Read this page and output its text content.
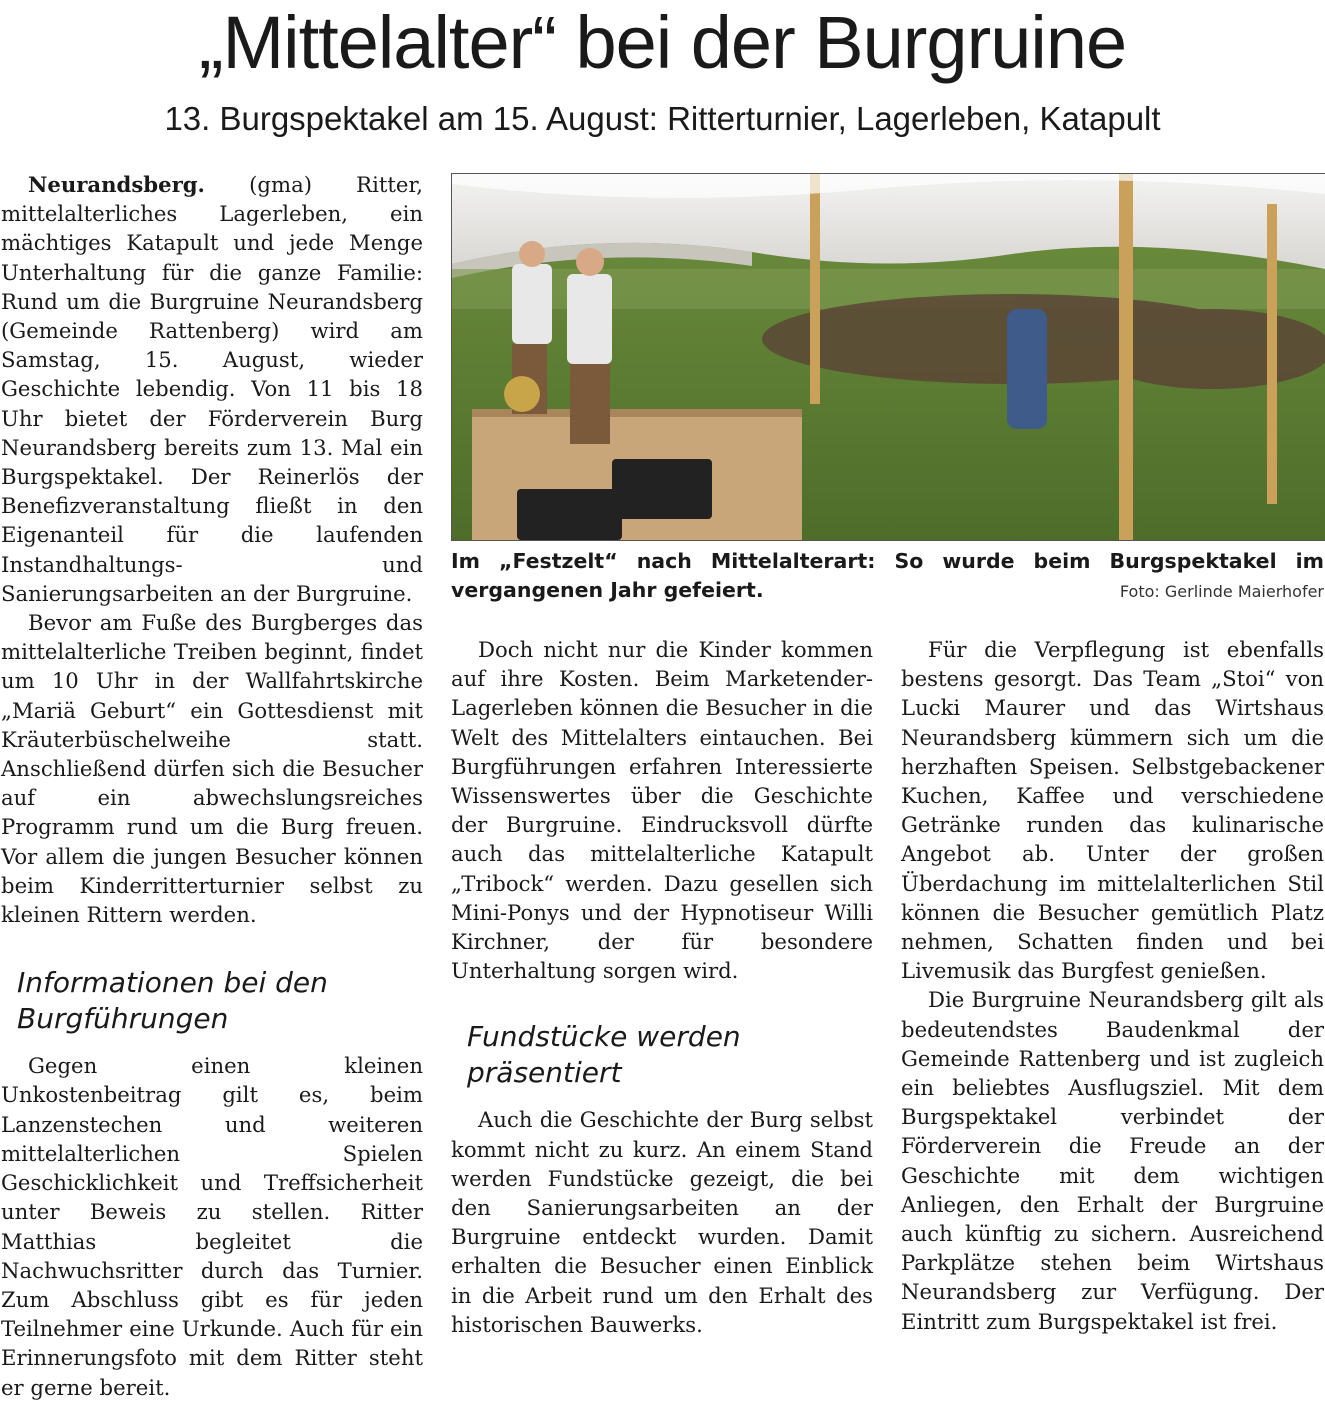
„Mittelalter“ bei der Burgruine
13. Burgspektakel am 15. August: Ritterturnier, Lagerleben, Katapult

Neurandsberg. (gma) Ritter, mittelalterliches Lagerleben, ein mächtiges Katapult und jede Menge Unterhaltung für die ganze Familie: Rund um die Burgruine Neurandsberg (Gemeinde Rattenberg) wird am Samstag, 15. August, wieder Geschichte lebendig. Von 11 bis 18 Uhr bietet der Förderverein Burg Neurandsberg bereits zum 13. Mal ein Burgspektakel. Der Reinerlös der Benefizveranstaltung fließt in den Eigenanteil für die laufenden Instandhaltungs- und Sanierungsarbeiten an der Burgruine.

Bevor am Fuße des Burgberges das mittelalterliche Treiben beginnt, findet um 10 Uhr in der Wallfahrtskirche „Mariä Geburt“ ein Gottesdienst mit Kräuterbüschelweihe statt. Anschließend dürfen sich die Besucher auf ein abwechslungsreiches Programm rund um die Burg freuen. Vor allem die jungen Besucher können beim Kinderritterturnier selbst zu kleinen Rittern werden.

Informationen bei den Burgführungen

Gegen einen kleinen Unkostenbeitrag gilt es, beim Lanzenstechen und weiteren mittelalterlichen Spielen Geschicklichkeit und Treffsicherheit unter Beweis zu stellen. Ritter Matthias begleitet die Nachwuchsritter durch das Turnier. Zum Abschluss gibt es für jeden Teilnehmer eine Urkunde. Auch für ein Erinnerungsfoto mit dem Ritter steht er gerne bereit.

Im „Festzelt“ nach Mittelalterart: So wurde beim Burgspektakel im vergangenen Jahr gefeiert.	Foto: Gerlinde Maierhofer

Doch nicht nur die Kinder kommen auf ihre Kosten. Beim Marketender-Lagerleben können die Besucher in die Welt des Mittelalters eintauchen. Bei Burgführungen erfahren Interessierte Wissenswertes über die Geschichte der Burgruine. Eindrucksvoll dürfte auch das mittelalterliche Katapult „Tribock“ werden. Dazu gesellen sich Mini-Ponys und der Hypnotiseur Willi Kirchner, der für besondere Unterhaltung sorgen wird.

Fundstücke werden präsentiert

Auch die Geschichte der Burg selbst kommt nicht zu kurz. An einem Stand werden Fundstücke gezeigt, die bei den Sanierungsarbeiten an der Burgruine entdeckt wurden. Damit erhalten die Besucher einen Einblick in die Arbeit rund um den Erhalt des historischen Bauwerks.

Für die Verpflegung ist ebenfalls bestens gesorgt. Das Team „Stoi“ von Lucki Maurer und das Wirtshaus Neurandsberg kümmern sich um die herzhaften Speisen. Selbstgebackener Kuchen, Kaffee und verschiedene Getränke runden das kulinarische Angebot ab. Unter der großen Überdachung im mittelalterlichen Stil können die Besucher gemütlich Platz nehmen, Schatten finden und bei Livemusik das Burgfest genießen.

Die Burgruine Neurandsberg gilt als bedeutendstes Baudenkmal der Gemeinde Rattenberg und ist zugleich ein beliebtes Ausflugsziel. Mit dem Burgspektakel verbindet der Förderverein die Freude an der Geschichte mit dem wichtigen Anliegen, den Erhalt der Burgruine auch künftig zu sichern. Ausreichend Parkplätze stehen beim Wirtshaus Neurandsberg zur Verfügung. Der Eintritt zum Burgspektakel ist frei.
